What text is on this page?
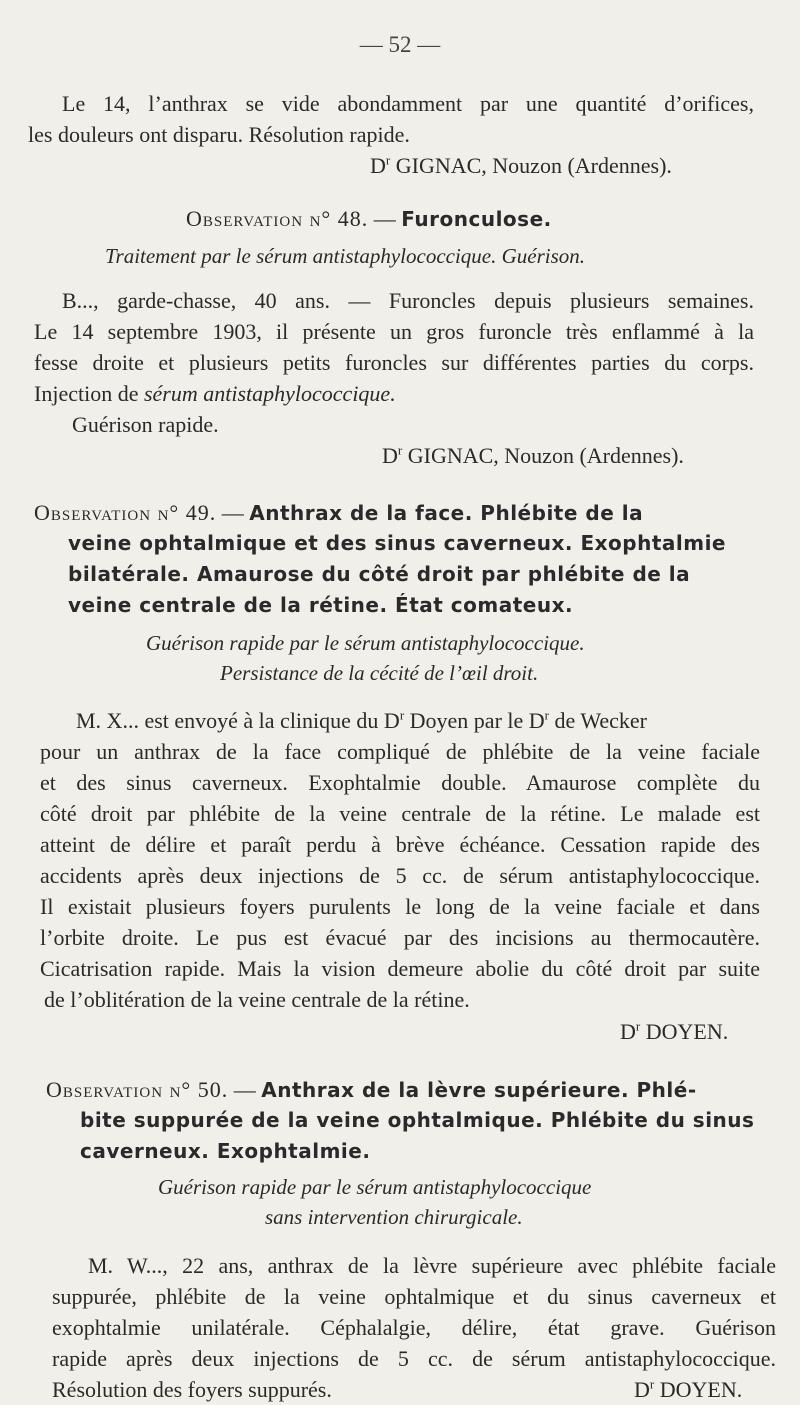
— 52 —
Le 14, l’anthrax se vide abondamment par une quantité d’orifices,
les douleurs ont disparu. Résolution rapide.
$D^r$ GIGNAC, Nouzon (Ardennes).
Observation n° 48. — Furonculose.
Traitement par le sérum antistaphylococcique. Guérison.
B..., garde-chasse, 40 ans. — Furoncles depuis plusieurs semaines.
Le 14 septembre 1903, il présente un gros furoncle très enflammé à la
fesse droite et plusieurs petits furoncles sur différentes parties du corps.
Injection de sérum antistaphylococcique.
Guérison rapide.
$D^r$ GIGNAC, Nouzon (Ardennes).
Observation n° 49. — Anthrax de la face. Phlébite de la
veine ophtalmique et des sinus caverneux. Exophtalmie
bilatérale. Amaurose du côté droit par phlébite de la
veine centrale de la rétine. État comateux.
Guérison rapide par le sérum antistaphylococcique.
Persistance de la cécité de l’œil droit.
M. X... est envoyé à la clinique du $D^r$ Doyen par le $D^r$ de Wecker
pour un anthrax de la face compliqué de phlébite de la veine faciale
et des sinus caverneux. Exophtalmie double. Amaurose complète du
côté droit par phlébite de la veine centrale de la rétine. Le malade est
atteint de délire et paraît perdu à brève échéance. Cessation rapide des
accidents après deux injections de 5 cc. de sérum antistaphylococcique.
Il existait plusieurs foyers purulents le long de la veine faciale et dans
l’orbite droite. Le pus est évacué par des incisions au thermocautère.
Cicatrisation rapide. Mais la vision demeure abolie du côté droit par suite
de l’oblitération de la veine centrale de la rétine.
$D^r$ DOYEN.
Observation n° 50. — Anthrax de la lèvre supérieure. Phlé-
bite suppurée de la veine ophtalmique. Phlébite du sinus
caverneux. Exophtalmie.
Guérison rapide par le sérum antistaphylococcique
sans intervention chirurgicale.
M. W..., 22 ans, anthrax de la lèvre supérieure avec phlébite faciale
suppurée, phlébite de la veine ophtalmique et du sinus caverneux et
exophtalmie unilatérale. Céphalalgie, délire, état grave. Guérison
rapide après deux injections de 5 cc. de sérum antistaphylococcique.
Résolution des foyers suppurés.	$D^r$ DOYEN.
